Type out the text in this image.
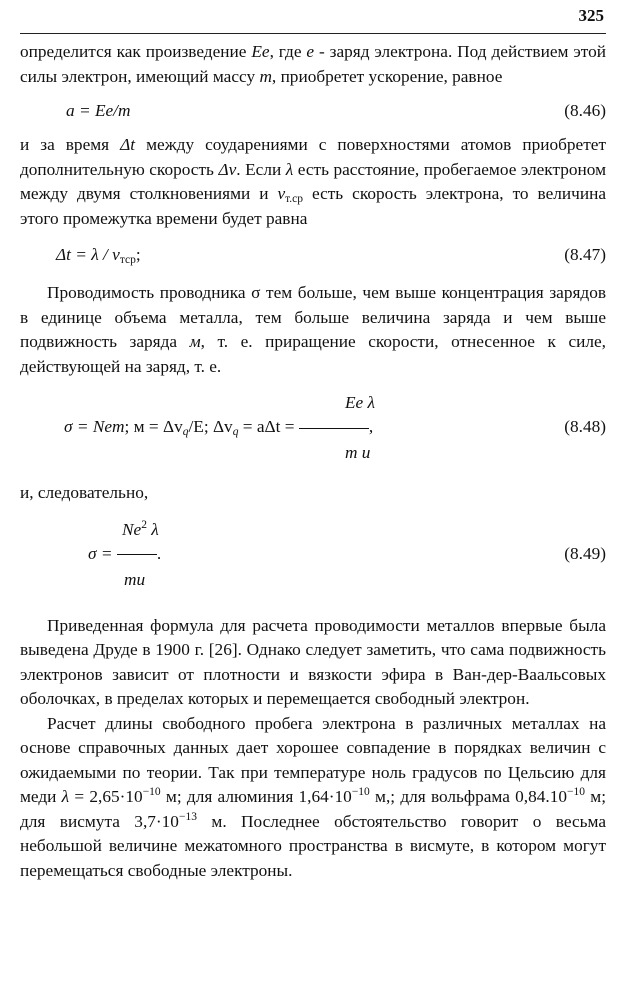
325

определится как произведение Ee, где e - заряд электрона. Под действием этой силы электрон, имеющий массу m, приобретет ускорение, равное

a = Ee/m	(8.46)

и за время Δt между соударениями с поверхностями атомов приобретет дополнительную скорость Δv. Если λ есть расстояние, пробегаемое электроном между двумя столкновениями и $v_{т.ср}$ есть скорость электрона, то величина этого промежутка времени будет равна

$\Delta t = \lambda / v_{тср}$;	(8.47)

Проводимость проводника σ тем больше, чем выше концентрация зарядов в единице объема металла, тем больше величина заряда и чем выше подвижность заряда м, т. е. приращение скорости, отнесенное к силе, действующей на заряд, т. е.

Ee λ
σ = Nem; $м = \Delta v_q/E$; $\Delta v_q = a\Delta t$ =	,
m u
(8.48)

и, следовательно,

Ne$^2$ λ
σ = .
mu
(8.49)

Приведенная формула для расчета проводимости металлов впервые была выведена Друде в 1900 г. [26]. Однако следует заметить, что сама подвижность электронов зависит от плотности и вязкости эфира в Ван-дер-Ваальсовых оболочках, в пределах которых и перемещается свободный электрон.

Расчет длины свободного пробега электрона в различных металлах на основе справочных данных дает хорошее совпадение в порядках величин с ожидаемыми по теории. Так при температуре ноль градусов по Цельсию для меди $\lambda = 2,65\cdot 10^{-10}$ м; для алюминия $1,64\cdot 10^{-10}$ м,; для вольфрама $0,84.10^{-10}$ м; для висмута $3,7\cdot 10^{-13}$ м. Последнее обстоятельство говорит о весьма небольшой величине межатомного пространства в висмуте, в котором могут перемещаться свободные электроны.
